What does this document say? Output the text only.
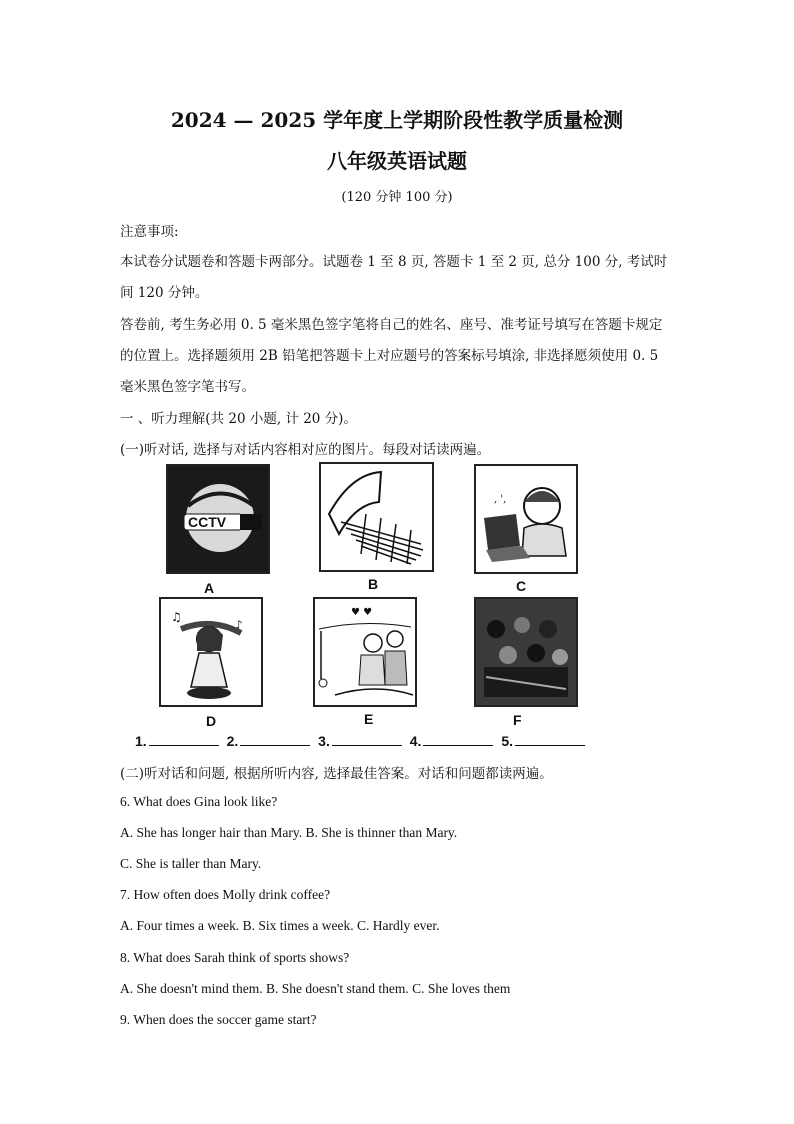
2024 — 2025 学年度上学期阶段性教学质量检测
八年级英语试题
(120 分钟 100 分)
注意事项:
本试卷分试题卷和答题卡两部分。试题卷 1 至 8 页, 答题卡 1 至 2 页, 总分 100 分, 考试时
间 120 分钟。
答卷前, 考生务必用 0. 5 毫米黑色签字笔将自己的姓名、座号、准考证号填写在答题卡规定
的位置上。选择题须用 2B 铅笔把答题卡上对应题号的答案标号填涂, 非选择愿须使用 0. 5
毫米黑色签字笔书写。
一 、听力理解(共 20 小题, 计 20 分)。
(一)听对话, 选择与对话内容相对应的图片。每段对话读两遍。
CCTV
A	B
, ',
C
♫
♪
D
♥ ♥
E	F
1.	2.	3.	4.	5.
(二)听对话和问题, 根据所听内容, 选择最佳答案。对话和问题都读两遍。
6. What does Gina look like?
A. She has longer hair than Mary. B. She is thinner than Mary.
C. She is taller than Mary.
7. How often does Molly drink coffee?
A. Four times a week. B. Six times a week. C. Hardly ever.
8. What does Sarah think of sports shows?
A. She doesn't mind them. B. She doesn't stand them. C. She loves them
9. When does the soccer game start?
